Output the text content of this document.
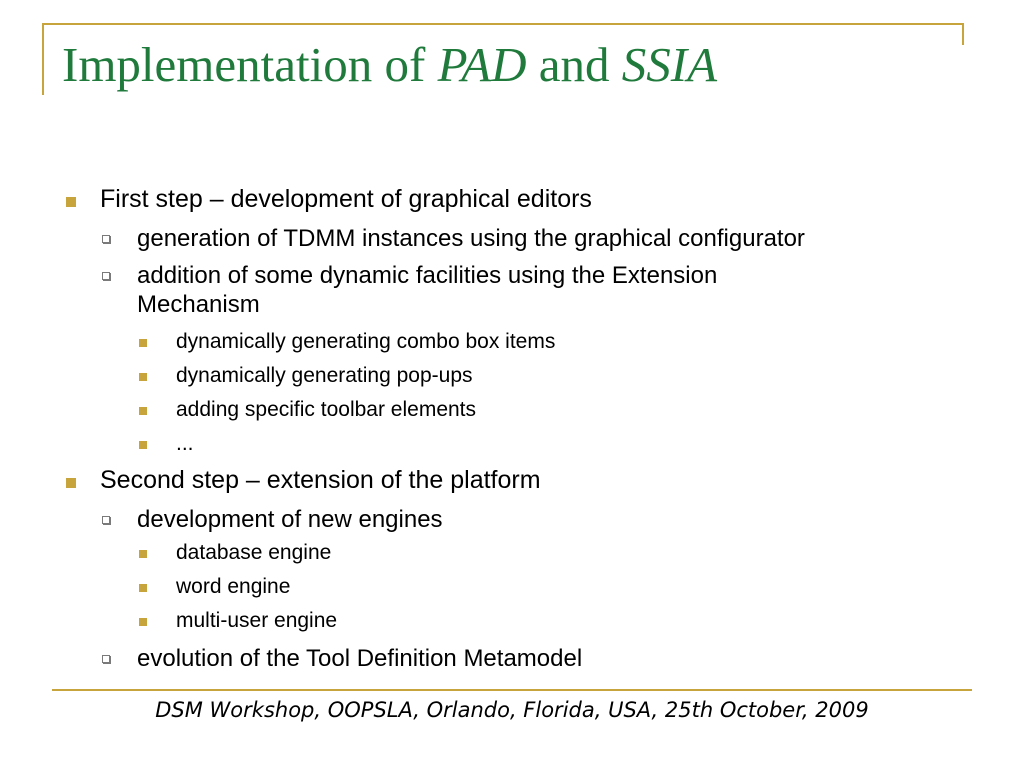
Implementation of PAD and SSIA
First step – development of graphical editors
generation of TDMM instances using the graphical configurator
addition of some dynamic facilities using the Extension
Mechanism
dynamically generating combo box items
dynamically generating pop-ups
adding specific toolbar elements
...
Second step – extension of the platform
development of new engines
database engine
word engine
multi-user engine
evolution of the Tool Definition Metamodel
DSM Workshop, OOPSLA, Orlando, Florida, USA, 25th October, 2009
